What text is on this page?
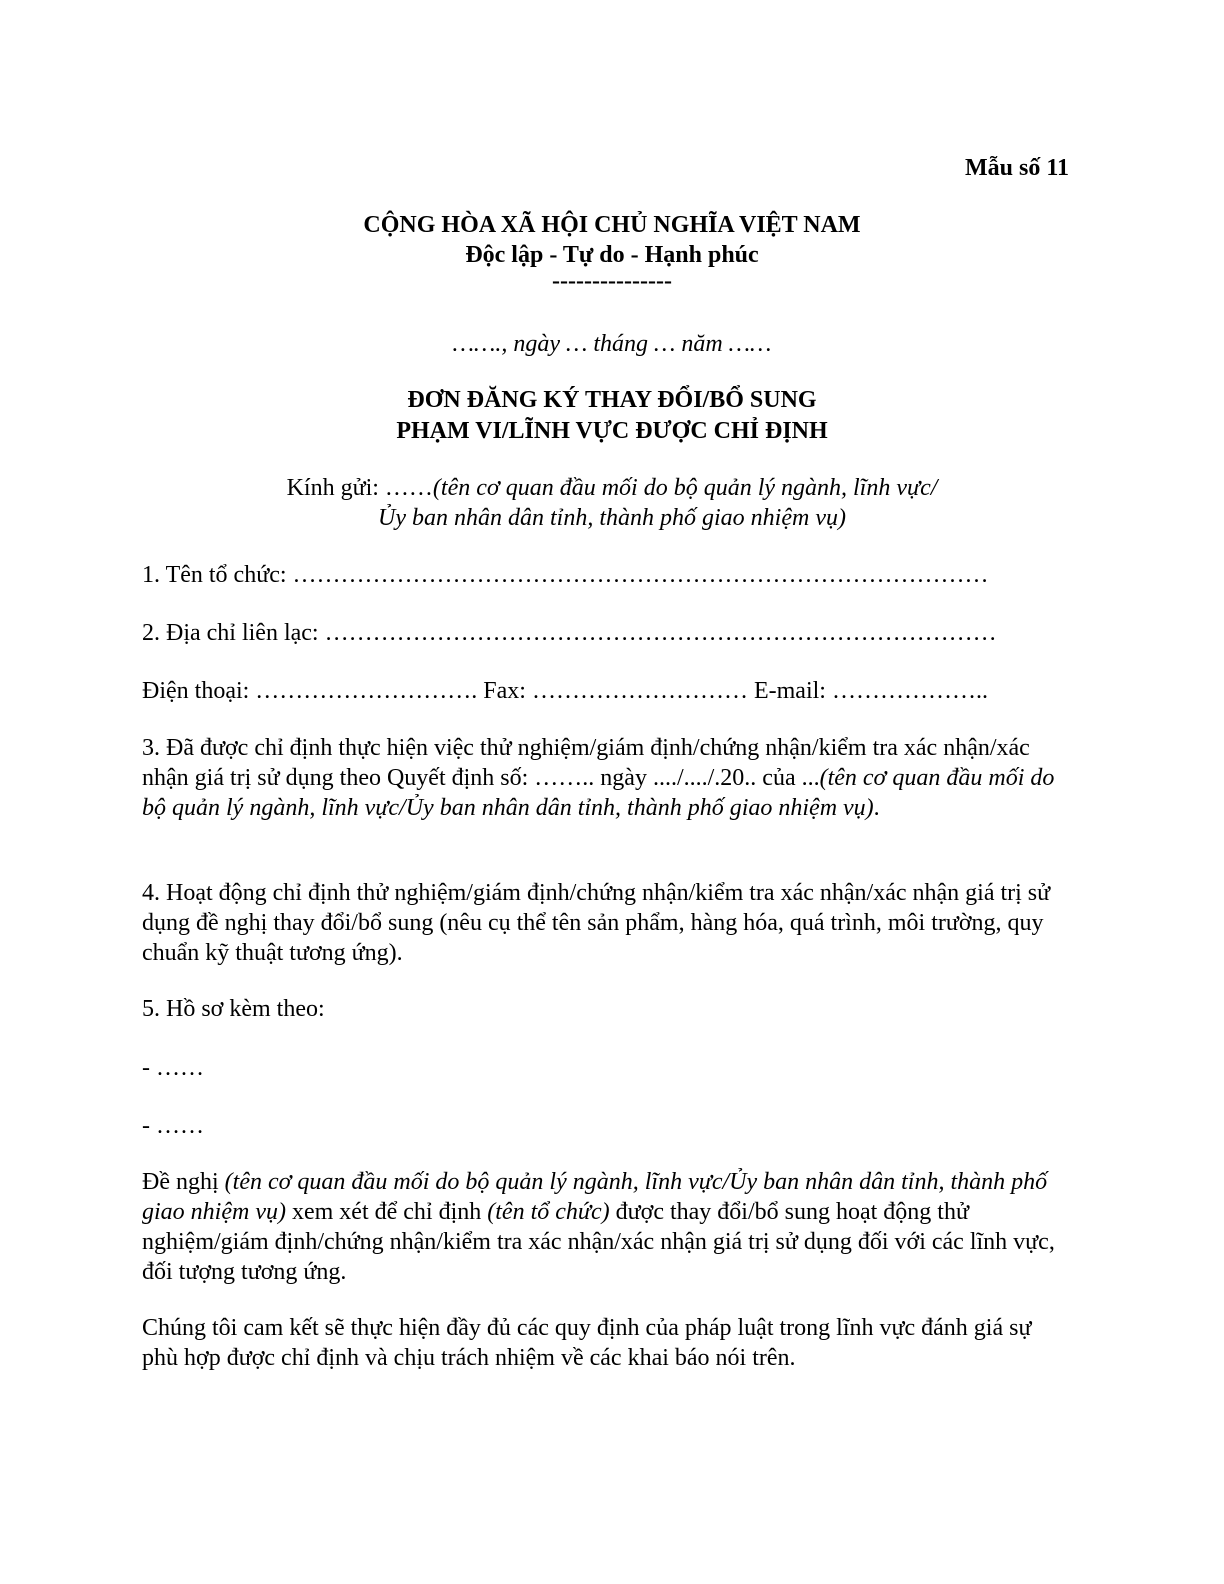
Mẫu số 11
CỘNG HÒA XÃ HỘI CHỦ NGHĨA VIỆT NAM
Độc lập - Tự do - Hạnh phúc
---------------
……., ngày … tháng … năm ……
ĐƠN ĐĂNG KÝ THAY ĐỔI/BỔ SUNG
PHẠM VI/LĨNH VỰC ĐƯỢC CHỈ ĐỊNH
Kính gửi: ……(tên cơ quan đầu mối do bộ quản lý ngành, lĩnh vực/
Ủy ban nhân dân tỉnh, thành phố giao nhiệm vụ)
1. Tên tổ chức: ……………………………………………………………………………
2. Địa chỉ liên lạc: …………………………………………………………………………
Điện thoại: ………………………. Fax: ……………………… E-mail: ………………..
3. Đã được chỉ định thực hiện việc thử nghiệm/giám định/chứng nhận/kiểm tra xác nhận/xác nhận giá trị sử dụng theo Quyết định số: …….. ngày ..../..../.20.. của ...(tên cơ quan đầu mối do bộ quản lý ngành, lĩnh vực/Ủy ban nhân dân tỉnh, thành phố giao nhiệm vụ).
4. Hoạt động chỉ định thử nghiệm/giám định/chứng nhận/kiểm tra xác nhận/xác nhận giá trị sử dụng đề nghị thay đổi/bổ sung (nêu cụ thể tên sản phẩm, hàng hóa, quá trình, môi trường, quy chuẩn kỹ thuật tương ứng).
5. Hồ sơ kèm theo:
- ……
- ……
Đề nghị (tên cơ quan đầu mối do bộ quản lý ngành, lĩnh vực/Ủy ban nhân dân tỉnh, thành phố giao nhiệm vụ) xem xét để chỉ định (tên tổ chức) được thay đổi/bổ sung hoạt động thử nghiệm/giám định/chứng nhận/kiểm tra xác nhận/xác nhận giá trị sử dụng đối với các lĩnh vực, đối tượng tương ứng.
Chúng tôi cam kết sẽ thực hiện đầy đủ các quy định của pháp luật trong lĩnh vực đánh giá sự phù hợp được chỉ định và chịu trách nhiệm về các khai báo nói trên.
